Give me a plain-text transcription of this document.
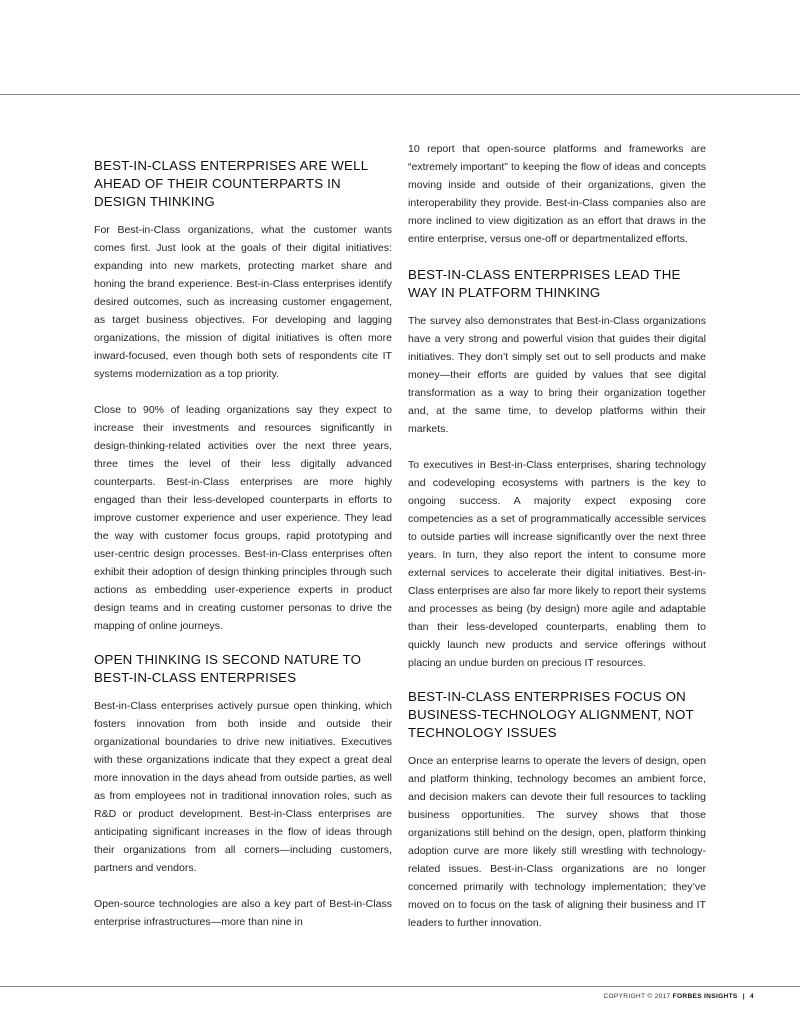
BEST-IN-CLASS ENTERPRISES ARE WELL AHEAD OF THEIR COUNTERPARTS IN DESIGN THINKING

For Best-in-Class organizations, what the customer wants comes first. Just look at the goals of their digital initiatives: expanding into new markets, protecting market share and honing the brand experience. Best-in-Class enterprises identify desired outcomes, such as increasing customer engagement, as target business objectives. For developing and lagging organizations, the mission of digital initiatives is often more inward-focused, even though both sets of respondents cite IT systems modernization as a top priority.

Close to 90% of leading organizations say they expect to increase their investments and resources significantly in design-thinking-related activities over the next three years, three times the level of their less digitally advanced counterparts. Best-in-Class enterprises are more highly engaged than their less-developed counterparts in efforts to improve customer experience and user experience. They lead the way with customer focus groups, rapid prototyping and user-centric design processes. Best-in-Class enterprises often exhibit their adoption of design thinking principles through such actions as embedding user-experience experts in product design teams and in creating customer personas to drive the mapping of online journeys.

OPEN THINKING IS SECOND NATURE TO BEST-IN-CLASS ENTERPRISES

Best-in-Class enterprises actively pursue open thinking, which fosters innovation from both inside and outside their organizational boundaries to drive new initiatives. Executives with these organizations indicate that they expect a great deal more innovation in the days ahead from outside parties, as well as from employees not in traditional innovation roles, such as R&D or product development. Best-in-Class enterprises are anticipating significant increases in the flow of ideas through their organizations from all corners—including customers, partners and vendors.

Open-source technologies are also a key part of Best-in-Class enterprise infrastructures—more than nine in

10 report that open-source platforms and frameworks are “extremely important” to keeping the flow of ideas and concepts moving inside and outside of their organizations, given the interoperability they provide. Best-in-Class companies also are more inclined to view digitization as an effort that draws in the entire enterprise, versus one-off or departmentalized efforts.

BEST-IN-CLASS ENTERPRISES LEAD THE WAY IN PLATFORM THINKING

The survey also demonstrates that Best-in-Class organizations have a very strong and powerful vision that guides their digital initiatives. They don’t simply set out to sell products and make money—their efforts are guided by values that see digital transformation as a way to bring their organization together and, at the same time, to develop platforms within their markets.

To executives in Best-in-Class enterprises, sharing technology and codeveloping ecosystems with partners is the key to ongoing success. A majority expect exposing core competencies as a set of programmatically accessible services to outside parties will increase significantly over the next three years. In turn, they also report the intent to consume more external services to accelerate their digital initiatives. Best-in-Class enterprises are also far more likely to report their systems and processes as being (by design) more agile and adaptable than their less-developed counterparts, enabling them to quickly launch new products and service offerings without placing an undue burden on precious IT resources.

BEST-IN-CLASS ENTERPRISES FOCUS ON BUSINESS-TECHNOLOGY ALIGNMENT, NOT TECHNOLOGY ISSUES

Once an enterprise learns to operate the levers of design, open and platform thinking, technology becomes an ambient force, and decision makers can devote their full resources to tackling business opportunities. The survey shows that those organizations still behind on the design, open, platform thinking adoption curve are more likely still wrestling with technology-related issues. Best-in-Class organizations are no longer concerned primarily with technology implementation; they’ve moved on to focus on the task of aligning their business and IT leaders to further innovation.

COPYRIGHT © 2017 FORBES INSIGHTS | 4
